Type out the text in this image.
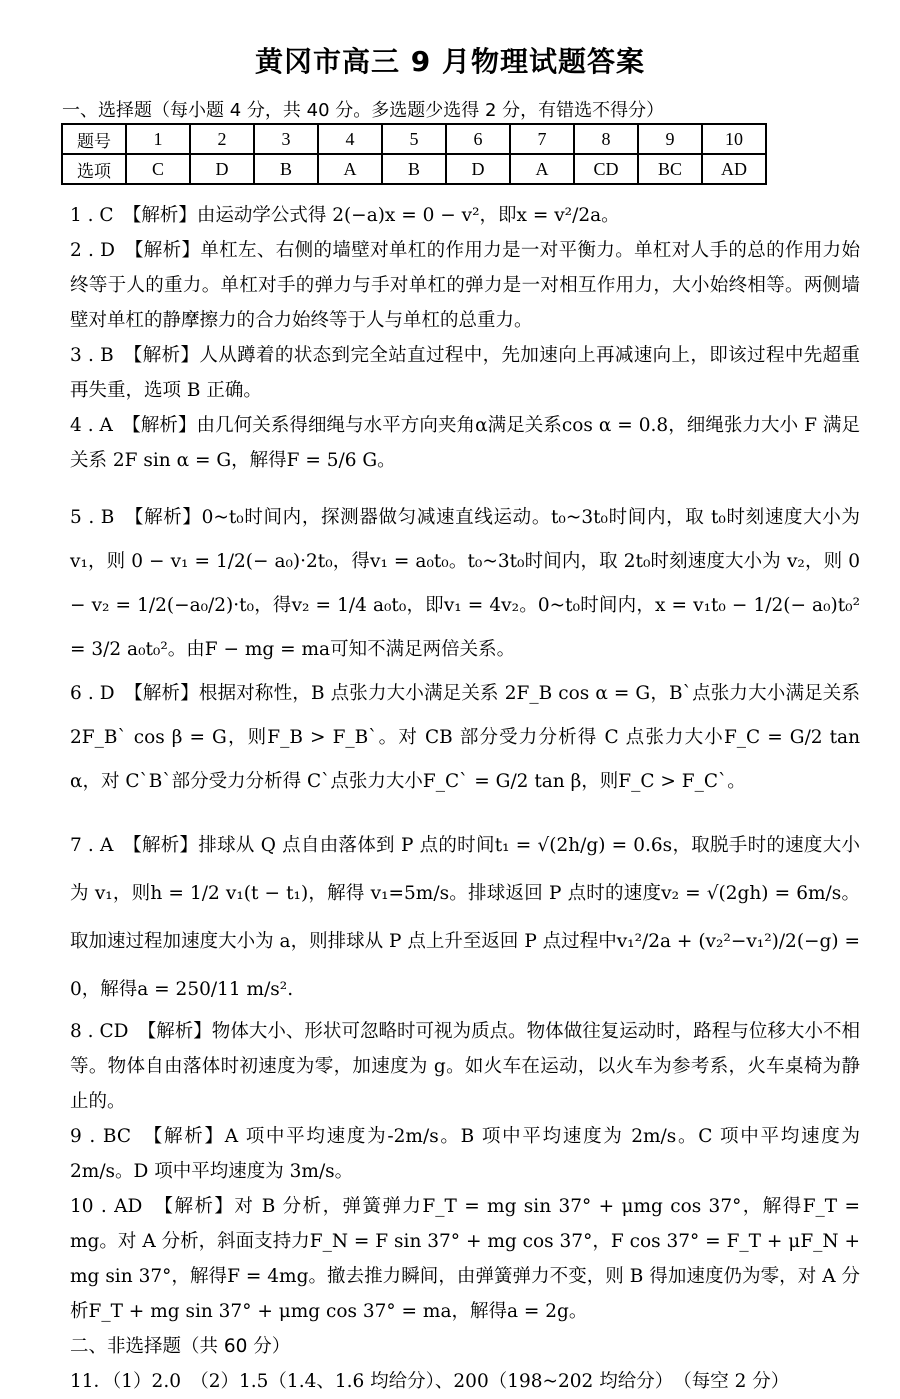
黄冈市高三 9 月物理试题答案
一、选择题（每小题 4 分，共 40 分。多选题少选得 2 分，有错选不得分）
题号	1	2	3	4	5	6	7	8	9	10
选项	C	D	B	A	B	D	A	CD	BC	AD

1 . C　【解析】由运动学公式得 2(−a)x = 0 − v²，即x = v²/2a。

2 . D　【解析】单杠左、右侧的墙壁对单杠的作用力是一对平衡力。单杠对人手的总的作用力始终等于人的重力。单杠对手的弹力与手对单杠的弹力是一对相互作用力，大小始终相等。两侧墙壁对单杠的静摩擦力的合力始终等于人与单杠的总重力。

3 . B　【解析】人从蹲着的状态到完全站直过程中，先加速向上再减速向上，即该过程中先超重再失重，选项 B 正确。

4 . A　【解析】由几何关系得细绳与水平方向夹角α满足关系cos α = 0.8，细绳张力大小 F 满足关系 2F sin α = G，解得F = 5/6 G。

5 . B　【解析】0~t₀时间内，探测器做匀减速直线运动。t₀~3t₀时间内，取 t₀时刻速度大小为 v₁，则 0 − v₁ = 1/2(− a₀)·2t₀，得v₁ = a₀t₀。t₀~3t₀时间内，取 2t₀时刻速度大小为 v₂，则 0 − v₂ = 1/2(−a₀/2)·t₀，得v₂ = 1/4 a₀t₀，即v₁ = 4v₂。0~t₀时间内，x = v₁t₀ − 1/2(− a₀)t₀² = 3/2 a₀t₀²。由F − mg = ma可知不满足两倍关系。

6 . D　【解析】根据对称性，B 点张力大小满足关系 2F_B cos α = G，B`点张力大小满足关系 2F_B` cos β = G，则F_B > F_B`。对 CB 部分受力分析得 C 点张力大小F_C = G/2 tan α，对 C`B`部分受力分析得 C`点张力大小F_C` = G/2 tan β，则F_C > F_C`。

7 . A　【解析】排球从 Q 点自由落体到 P 点的时间t₁ = √(2h/g) = 0.6s，取脱手时的速度大小为 v₁，则h = 1/2 v₁(t − t₁)，解得 v₁=5m/s。排球返回 P 点时的速度v₂ = √(2gh) = 6m/s。取加速过程加速度大小为 a，则排球从 P 点上升至返回 P 点过程中v₁²/2a + (v₂²−v₁²)/2(−g) = 0，解得a = 250/11 m/s².

8 . CD　【解析】物体大小、形状可忽略时可视为质点。物体做往复运动时，路程与位移大小不相等。物体自由落体时初速度为零，加速度为 g。如火车在运动，以火车为参考系，火车桌椅为静止的。

9 . BC　【解析】A 项中平均速度为-2m/s。B 项中平均速度为 2m/s。C 项中平均速度为 2m/s。D 项中平均速度为 3m/s。

10 . AD　【解析】对 B 分析，弹簧弹力F_T = mg sin 37° + μmg cos 37°，解得F_T = mg。对 A 分析，斜面支持力F_N = F sin 37° + mg cos 37°，F cos 37° = F_T + μF_N + mg sin 37°，解得F = 4mg。撤去推力瞬间，由弹簧弹力不变，则 B 得加速度仍为零，对 A 分析F_T + mg sin 37° + μmg cos 37° = ma，解得a = 2g。

二、非选择题（共 60 分）

11．（1）2.0　（2）1.5（1.4、1.6 均给分）、200（198~202 均给分）　（每空 2 分）
